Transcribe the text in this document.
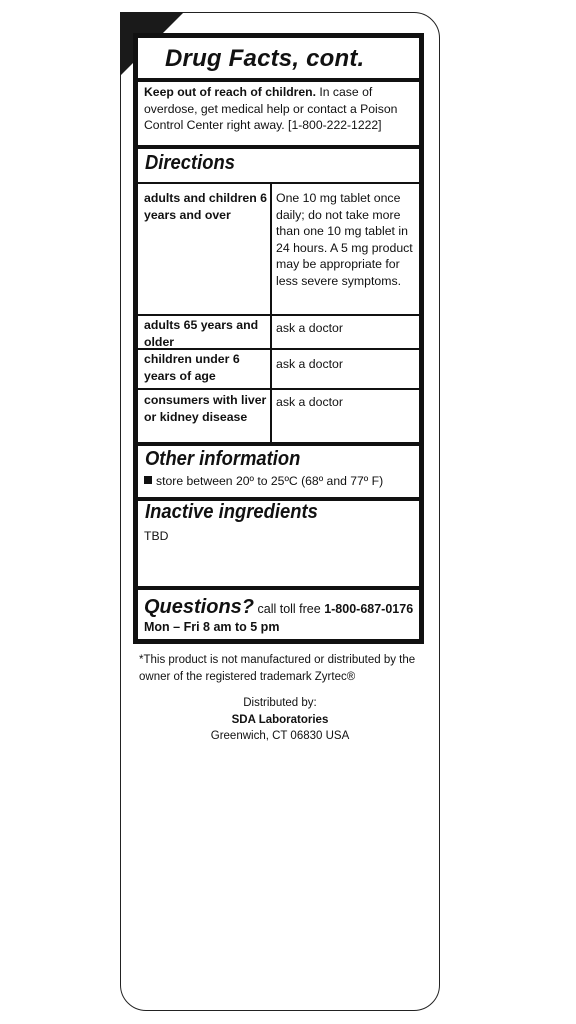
Drug Facts, cont.
Keep out of reach of children. In case of overdose, get medical help or contact a Poison Control Center right away. [1-800-222-1222]
Directions
adults and children 6 years and over
One 10 mg tablet once daily; do not take more than one 10 mg tablet in 24 hours. A 5 mg product may be appropriate for less severe symptoms.
adults 65 years and older
ask a doctor
children under 6 years of age
ask a doctor
consumers with liver or kidney disease
ask a doctor
Other information
store between 20º to 25ºC (68º and 77º F)
Inactive ingredients
TBD
Questions? call toll free 1-800-687-0176
Mon – Fri 8 am to 5 pm
*This product is not manufactured or distributed by the owner of the registered trademark Zyrtec®
Distributed by:
SDA Laboratories
Greenwich, CT 06830 USA
